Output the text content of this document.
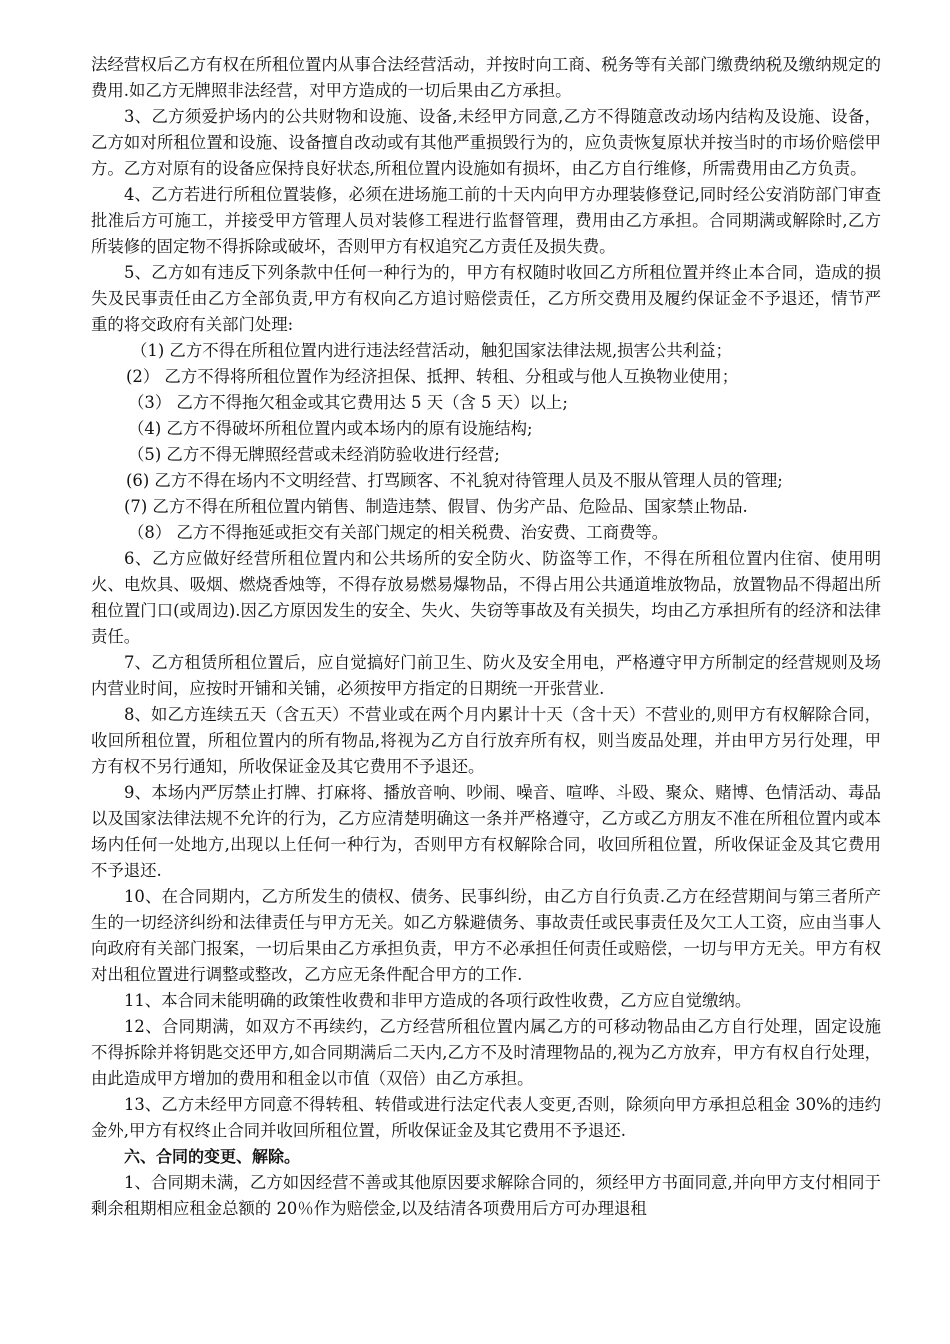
法经营权后乙方有权在所租位置内从事合法经营活动，并按时向工商、税务等有关部门缴费纳税及缴纳规定的费用.如乙方无牌照非法经营，对甲方造成的一切后果由乙方承担。

3、乙方须爱护场内的公共财物和设施、设备,未经甲方同意,乙方不得随意改动场内结构及设施、设备，乙方如对所租位置和设施、设备擅自改动或有其他严重损毁行为的，应负责恢复原状并按当时的市场价赔偿甲方。乙方对原有的设备应保持良好状态,所租位置内设施如有损坏，由乙方自行维修，所需费用由乙方负责。

4、乙方若进行所租位置装修，必须在进场施工前的十天内向甲方办理装修登记,同时经公安消防部门审查批准后方可施工，并接受甲方管理人员对装修工程进行监督管理，费用由乙方承担。合同期满或解除时,乙方所装修的固定物不得拆除或破坏，否则甲方有权追究乙方责任及损失费。

5、乙方如有违反下列条款中任何一种行为的，甲方有权随时收回乙方所租位置并终止本合同，造成的损失及民事责任由乙方全部负责,甲方有权向乙方追讨赔偿责任，乙方所交费用及履约保证金不予退还，情节严重的将交政府有关部门处理:

（1) 乙方不得在所租位置内进行违法经营活动，触犯国家法律法规,损害公共利益；

(2） 乙方不得将所租位置作为经济担保、抵押、转租、分租或与他人互换物业使用；

（3） 乙方不得拖欠租金或其它费用达 5 天（含 5 天）以上;

（4) 乙方不得破坏所租位置内或本场内的原有设施结构;

（5) 乙方不得无牌照经营或未经消防验收进行经营;

(6) 乙方不得在场内不文明经营、打骂顾客、不礼貌对待管理人员及不服从管理人员的管理;

(7) 乙方不得在所租位置内销售、制造违禁、假冒、伪劣产品、危险品、国家禁止物品.

（8） 乙方不得拖延或拒交有关部门规定的相关税费、治安费、工商费等。

6、乙方应做好经营所租位置内和公共场所的安全防火、防盗等工作，不得在所租位置内住宿、使用明火、电炊具、吸烟、燃烧香烛等，不得存放易燃易爆物品，不得占用公共通道堆放物品，放置物品不得超出所租位置门口(或周边).因乙方原因发生的安全、失火、失窃等事故及有关损失，均由乙方承担所有的经济和法律责任。

7、乙方租赁所租位置后，应自觉搞好门前卫生、防火及安全用电，严格遵守甲方所制定的经营规则及场内营业时间，应按时开铺和关铺，必须按甲方指定的日期统一开张营业.

8、如乙方连续五天（含五天）不营业或在两个月内累计十天（含十天）不营业的,则甲方有权解除合同，收回所租位置，所租位置内的所有物品,将视为乙方自行放弃所有权，则当废品处理，并由甲方另行处理，甲方有权不另行通知，所收保证金及其它费用不予退还。

9、本场内严厉禁止打牌、打麻将、播放音响、吵闹、噪音、喧哗、斗殴、聚众、赌博、色情活动、毒品以及国家法律法规不允许的行为，乙方应清楚明确这一条并严格遵守，乙方或乙方朋友不准在所租位置内或本场内任何一处地方,出现以上任何一种行为，否则甲方有权解除合同，收回所租位置，所收保证金及其它费用不予退还.

10、在合同期内，乙方所发生的债权、债务、民事纠纷，由乙方自行负责.乙方在经营期间与第三者所产生的一切经济纠纷和法律责任与甲方无关。如乙方躲避债务、事故责任或民事责任及欠工人工资，应由当事人向政府有关部门报案，一切后果由乙方承担负责，甲方不必承担任何责任或赔偿，一切与甲方无关。甲方有权对出租位置进行调整或整改，乙方应无条件配合甲方的工作.

11、本合同未能明确的政策性收费和非甲方造成的各项行政性收费，乙方应自觉缴纳。

12、合同期满，如双方不再续约，乙方经营所租位置内属乙方的可移动物品由乙方自行处理，固定设施不得拆除并将钥匙交还甲方,如合同期满后二天内,乙方不及时清理物品的,视为乙方放弃，甲方有权自行处理，由此造成甲方增加的费用和租金以市值（双倍）由乙方承担。

13、乙方未经甲方同意不得转租、转借或进行法定代表人变更,否则，除须向甲方承担总租金 30%的违约金外,甲方有权终止合同并收回所租位置，所收保证金及其它费用不予退还.

六、合同的变更、解除。

1、合同期未满，乙方如因经营不善或其他原因要求解除合同的，须经甲方书面同意,并向甲方支付相同于剩余租期相应租金总额的 20％作为赔偿金,以及结清各项费用后方可办理退租
